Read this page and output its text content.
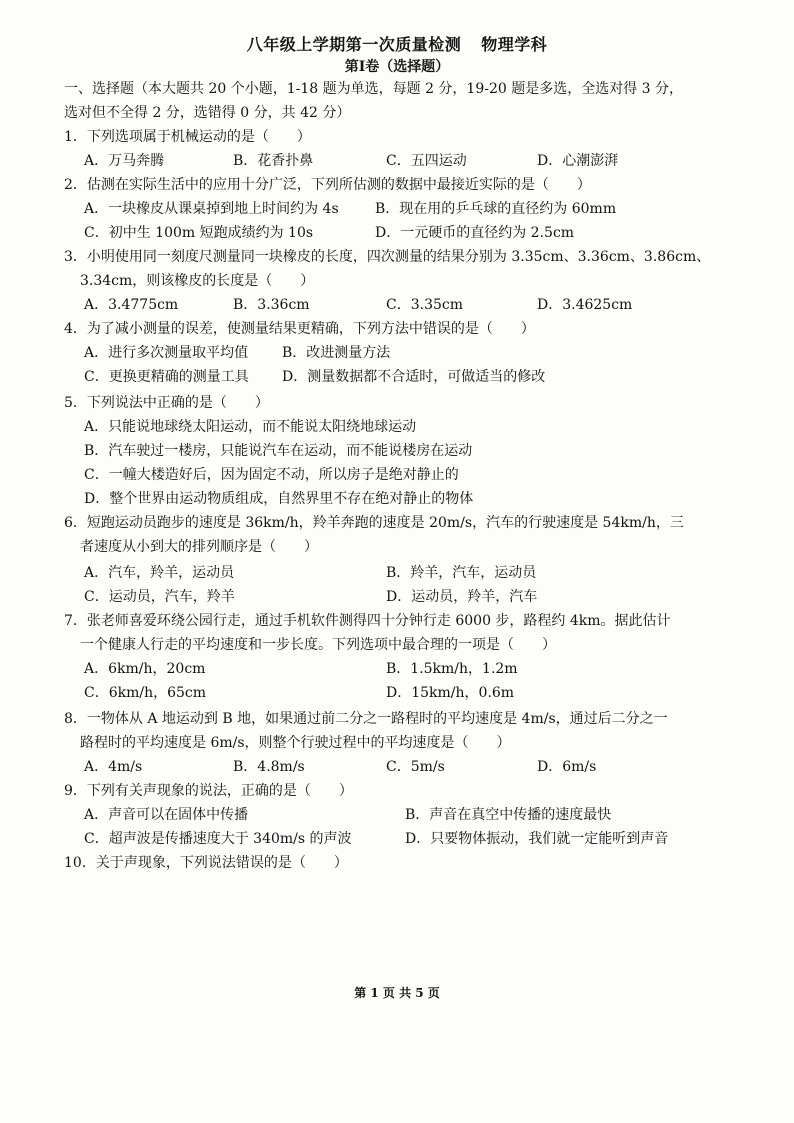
八年级上学期第一次质量检测 物理学科
第Ⅰ卷（选择题）
一、选择题（本大题共 20 个小题，1-18 题为单选，每题 2 分，19-20 题是多选，全选对得 3 分，
选对但不全得 2 分，选错得 0 分，共 42 分）
1．下列选项属于机械运动的是（　　）
A．万马奔腾	B．花香扑鼻	C．五四运动	D．心潮澎湃
2．估测在实际生活中的应用十分广泛，下列所估测的数据中最接近实际的是（　　）
A．一块橡皮从课桌掉到地上时间约为 4s	B．现在用的乒乓球的直径约为 60mm
C．初中生 100m 短跑成绩约为 10s	D．一元硬币的直径约为 2.5cm
3．小明使用同一刻度尺测量同一块橡皮的长度，四次测量的结果分别为 3.35cm、3.36cm、3.86cm、
3.34cm，则该橡皮的长度是（　　）
A．3.4775cm	B．3.36cm	C．3.35cm	D．3.4625cm
4．为了减小测量的误差，使测量结果更精确，下列方法中错误的是（　　）
A．进行多次测量取平均值 B．改进测量方法
C．更换更精确的测量工具 D．测量数据都不合适时，可做适当的修改
5．下列说法中正确的是（　　）
A．只能说地球绕太阳运动，而不能说太阳绕地球运动
B．汽车驶过一楼房，只能说汽车在运动，而不能说楼房在运动
C．一幢大楼造好后，因为固定不动，所以房子是绝对静止的
D．整个世界由运动物质组成，自然界里不存在绝对静止的物体
6．短跑运动员跑步的速度是 36km/h，羚羊奔跑的速度是 20m/s，汽车的行驶速度是 54km/h，三
者速度从小到大的排列顺序是（　　）
A．汽车，羚羊，运动员	B．羚羊，汽车，运动员
C．运动员，汽车，羚羊	D．运动员，羚羊，汽车
7．张老师喜爱环绕公园行走，通过手机软件测得四十分钟行走 6000 步，路程约 4km。据此估计
一个健康人行走的平均速度和一步长度。下列选项中最合理的一项是（　　）
A．6km/h，20cm	B．1.5km/h，1.2m
C．6km/h，65cm	D．15km/h，0.6m
8．一物体从 A 地运动到 B 地，如果通过前二分之一路程时的平均速度是 4m/s，通过后二分之一
路程时的平均速度是 6m/s，则整个行驶过程中的平均速度是（　　）
A．4m/s	B．4.8m/s	C．5m/s	D．6m/s
9．下列有关声现象的说法，正确的是（　　）
A．声音可以在固体中传播	B．声音在真空中传播的速度最快
C．超声波是传播速度大于 340m/s 的声波	D．只要物体振动，我们就一定能听到声音
10．关于声现象，下列说法错误的是（　　）
第 1 页 共 5 页
